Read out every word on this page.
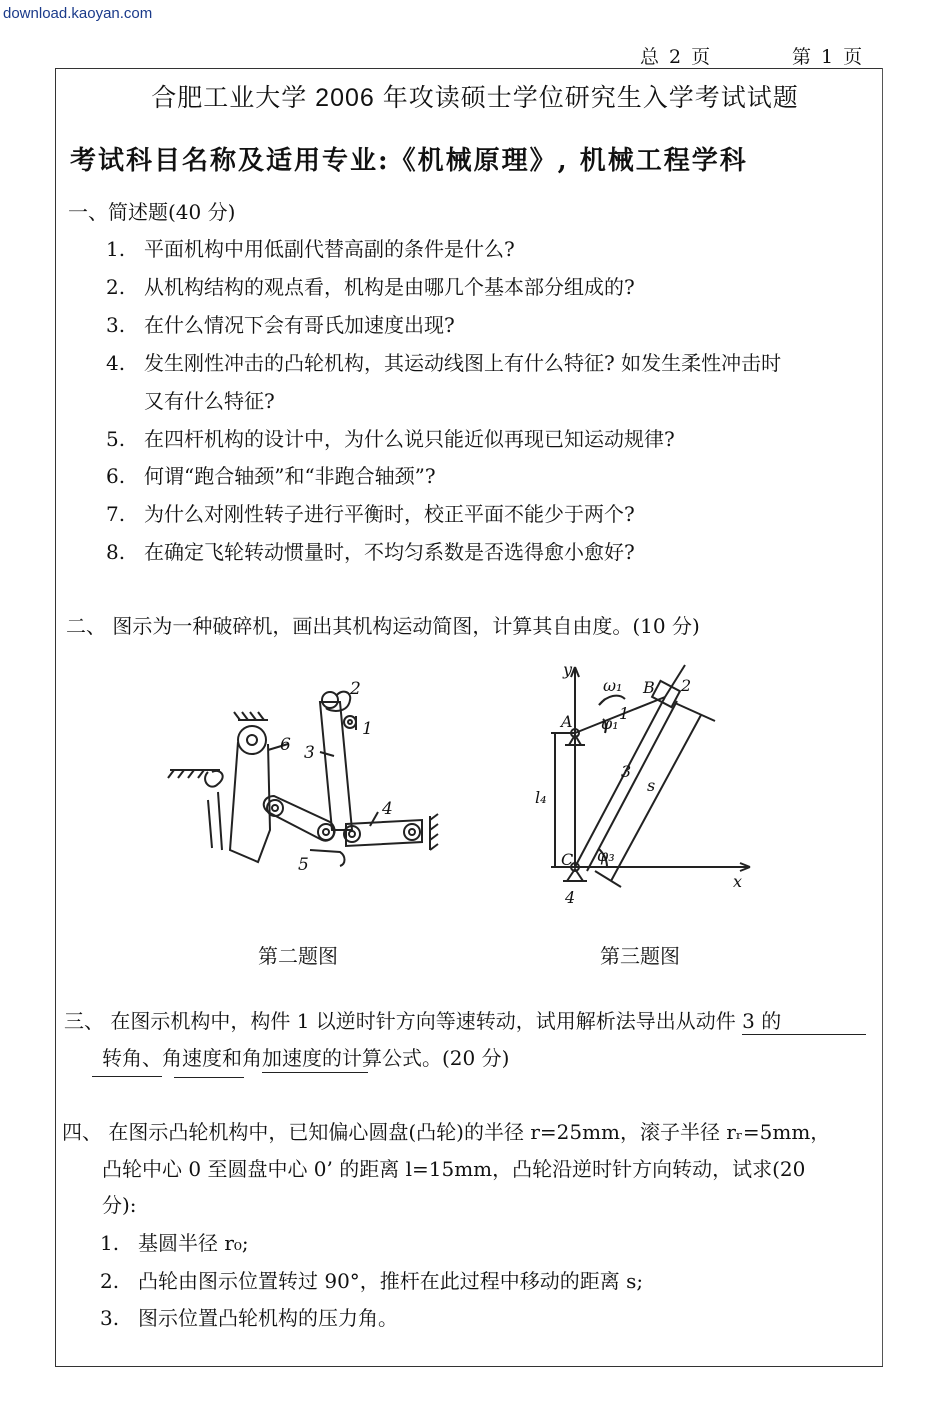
download.kaoyan.com
总 2 页	第 1 页
合肥工业大学 2006 年攻读硕士学位研究生入学考试试题
考试科目名称及适用专业:《机械原理》, 机械工程学科
一、简述题(40 分)
1. 平面机构中用低副代替高副的条件是什么?
2. 从机构结构的观点看，机构是由哪几个基本部分组成的?
3. 在什么情况下会有哥氏加速度出现?
4. 发生刚性冲击的凸轮机构，其运动线图上有什么特征? 如发生柔性冲击时
又有什么特征?
5. 在四杆机构的设计中，为什么说只能近似再现已知运动规律?
6. 何谓“跑合轴颈”和“非跑合轴颈”?
7. 为什么对刚性转子进行平衡时，校正平面不能少于两个?
8. 在确定飞轮转动惯量时，不均匀系数是否选得愈小愈好?
二、 图示为一种破碎机，画出其机构运动简图，计算其自由度。(10 分)
2
1
3
4
5
6
y
x
ω₁
A
B 2
φ₁
1
l₄
3
s
C φ₃
4
第二题图	第三题图
三、 在图示机构中，构件 1 以逆时针方向等速转动，试用解析法导出从动件 3 的
转角、角速度和角加速度的计算公式。(20 分)
四、 在图示凸轮机构中，已知偏心圆盘(凸轮)的半径 r=25mm，滚子半径 rᵣ=5mm，
凸轮中心 0 至圆盘中心 0’ 的距离 l=15mm，凸轮沿逆时针方向转动，试求(20
分):
1. 基圆半径 r₀;
2. 凸轮由图示位置转过 90°，推杆在此过程中移动的距离 s;
3. 图示位置凸轮机构的压力角。
